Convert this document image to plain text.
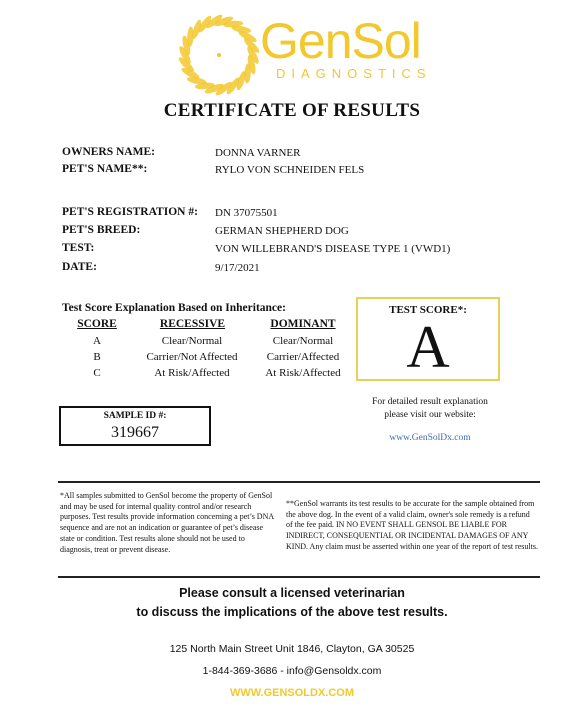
GenSol
DIAGNOSTICS
CERTIFICATE OF RESULTS
OWNERS NAME:	DONNA VARNER
PET'S NAME**:	RYLO VON SCHNEIDEN FELS
PET'S REGISTRATION #: DN 37075501
PET'S BREED:	GERMAN SHEPHERD DOG
TEST:	VON WILLEBRAND'S DISEASE TYPE 1 (VWD1)
DATE:	9/17/2021
Test Score Explanation Based on Inheritance:
SCORE	RECESSIVE	DOMINANT
A	Clear/Normal	Clear/Normal
B	Carrier/Not Affected	Carrier/Affected
C	At Risk/Affected	At Risk/Affected
TEST SCORE*:
A
SAMPLE ID #:
319667
For detailed result explanation
please visit our website:
www.GenSolDx.com
*All samples submitted to GenSol become the property of GenSol and may be used for internal quality control and/or research purposes. Test results provide information concerning a pet’s DNA sequence and are not an indication or guarantee of pet’s disease state or condition. Test results alone should not be used to diagnosis, treat or prevent disease.
**GenSol warrants its test results to be accurate for the sample obtained from the above dog. In the event of a valid claim, owner's sole remedy is a refund of the fee paid. IN NO EVENT SHALL GENSOL BE LIABLE FOR INDIRECT, CONSEQUENTIAL OR INCIDENTAL DAMAGES OF ANY KIND. Any claim must be asserted within one year of the report of test results.
Please consult a licensed veterinarian
to discuss the implications of the above test results.
125 North Main Street Unit 1846, Clayton, GA 30525
1-844-369-3686 - info@Gensoldx.com
WWW.GENSOLDX.COM
